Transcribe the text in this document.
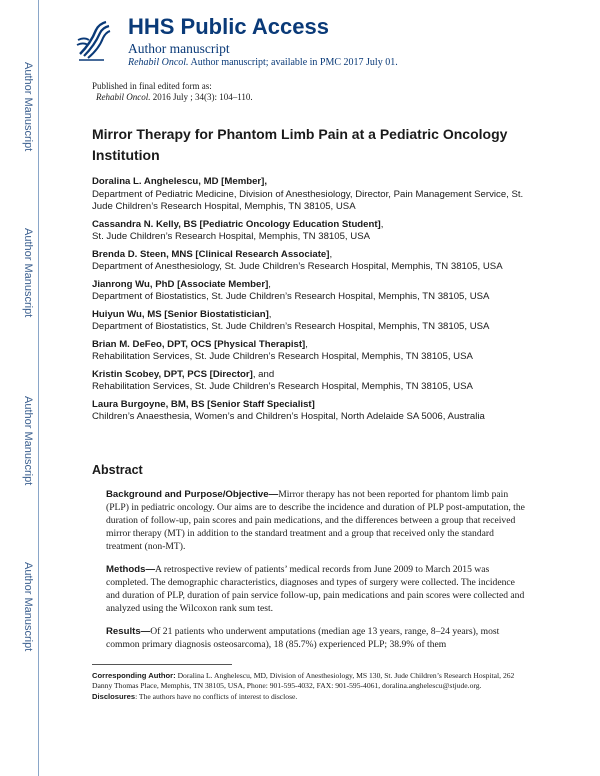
Author Manuscript
Author Manuscript
Author Manuscript
Author Manuscript
HHS Public Access
Author manuscript
Rehabil Oncol. Author manuscript; available in PMC 2017 July 01.
Published in final edited form as:
Rehabil Oncol. 2016 July ; 34(3): 104–110.
Mirror Therapy for Phantom Limb Pain at a Pediatric Oncology Institution
Doralina L. Anghelescu, MD [Member],
Department of Pediatric Medicine, Division of Anesthesiology, Director, Pain Management Service, St. Jude Children’s Research Hospital, Memphis, TN 38105, USA
Cassandra N. Kelly, BS [Pediatric Oncology Education Student],
St. Jude Children’s Research Hospital, Memphis, TN 38105, USA
Brenda D. Steen, MNS [Clinical Research Associate],
Department of Anesthesiology, St. Jude Children’s Research Hospital, Memphis, TN 38105, USA
Jianrong Wu, PhD [Associate Member],
Department of Biostatistics, St. Jude Children’s Research Hospital, Memphis, TN 38105, USA
Huiyun Wu, MS [Senior Biostatistician],
Department of Biostatistics, St. Jude Children’s Research Hospital, Memphis, TN 38105, USA
Brian M. DeFeo, DPT, OCS [Physical Therapist],
Rehabilitation Services, St. Jude Children’s Research Hospital, Memphis, TN 38105, USA
Kristin Scobey, DPT, PCS [Director], and
Rehabilitation Services, St. Jude Children’s Research Hospital, Memphis, TN 38105, USA
Laura Burgoyne, BM, BS [Senior Staff Specialist]
Children’s Anaesthesia, Women’s and Children’s Hospital, North Adelaide SA 5006, Australia
Abstract

Background and Purpose/Objective—Mirror therapy has not been reported for phantom limb pain (PLP) in pediatric oncology. Our aims are to describe the incidence and duration of PLP post-amputation, the duration of follow-up, pain scores and pain medications, and the differences between a group that received mirror therapy (MT) in addition to the standard treatment and a group that received only the standard treatment (non-MT).

Methods—A retrospective review of patients’ medical records from June 2009 to March 2015 was completed. The demographic characteristics, diagnoses and types of surgery were collected. The incidence and duration of PLP, duration of pain service follow-up, pain medications and pain scores were collected and analyzed using the Wilcoxon rank sum test.

Results—Of 21 patients who underwent amputations (median age 13 years, range, 8–24 years), most common primary diagnosis osteosarcoma), 18 (85.7%) experienced PLP; 38.9% of them

Corresponding Author: Doralina L. Anghelescu, MD, Division of Anesthesiology, MS 130, St. Jude Children’s Research Hospital, 262 Danny Thomas Place, Memphis, TN 38105, USA, Phone: 901-595-4032, FAX: 901-595-4061, doralina.anghelescu@stjude.org.

Disclosures: The authors have no conflicts of interest to disclose.
